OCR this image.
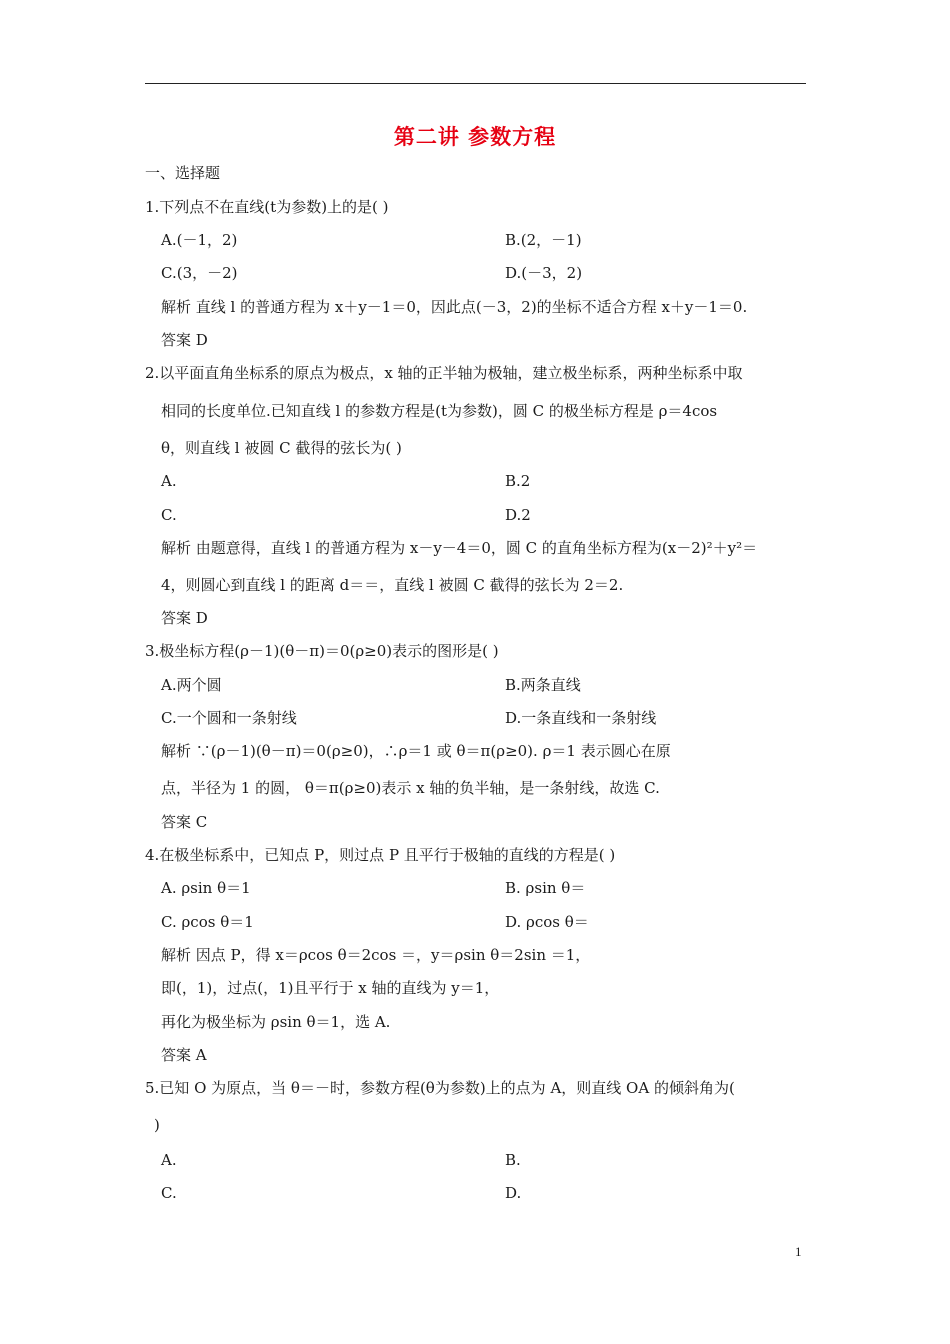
第二讲 参数方程
一、选择题
1.下列点不在直线(t为参数)上的是( )
A.(－1，2)	B.(2，－1)
C.(3，－2)	D.(－3，2)
解析 直线 l 的普通方程为 x＋y－1＝0，因此点(－3，2)的坐标不适合方程 x＋y－1＝0.
答案 D
2.以平面直角坐标系的原点为极点，x 轴的正半轴为极轴，建立极坐标系，两种坐标系中取
相同的长度单位.已知直线 l 的参数方程是(t为参数)，圆 C 的极坐标方程是 ρ＝4cos
θ，则直线 l 被圆 C 截得的弦长为( )
A.	B.2
C.	D.2
解析 由题意得，直线 l 的普通方程为 x－y－4＝0，圆 C 的直角坐标方程为(x－2)²＋y²＝
4，则圆心到直线 l 的距离 d＝＝，直线 l 被圆 C 截得的弦长为 2＝2.
答案 D
3.极坐标方程(ρ－1)(θ－π)＝0(ρ≥0)表示的图形是( )
A.两个圆	B.两条直线
C.一个圆和一条射线	D.一条直线和一条射线
解析 ∵(ρ－1)(θ－π)＝0(ρ≥0)，∴ρ＝1 或 θ＝π(ρ≥0). ρ＝1 表示圆心在原
点，半径为 1 的圆， θ＝π(ρ≥0)表示 x 轴的负半轴，是一条射线，故选 C.
答案 C
4.在极坐标系中，已知点 P，则过点 P 且平行于极轴的直线的方程是( )
A. ρsin θ＝1	B. ρsin θ＝
C. ρcos θ＝1	D. ρcos θ＝
解析 因点 P，得 x＝ρcos θ＝2cos ＝，y＝ρsin θ＝2sin ＝1，
即(，1)，过点(，1)且平行于 x 轴的直线为 y＝1，
再化为极坐标为 ρsin θ＝1，选 A.
答案 A
5.已知 O 为原点，当 θ＝－时，参数方程(θ为参数)上的点为 A，则直线 OA 的倾斜角为(
)
A.	B.
C.	D.
1
